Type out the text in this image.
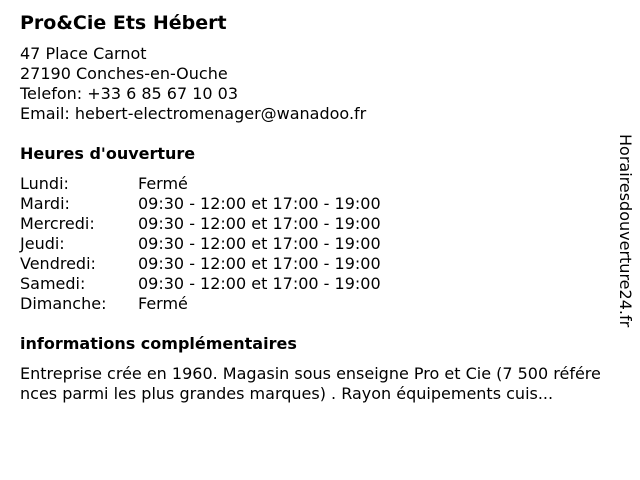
Pro&Cie Ets Hébert
47 Place Carnot
27190 Conches-en-Ouche
Telefon: +33 6 85 67 10 03
Email: hebert-electromenager@wanadoo.fr
Heures d'ouverture
Lundi:	Fermé
Mardi:	09:30 - 12:00 et 17:00 - 19:00
Mercredi:	09:30 - 12:00 et 17:00 - 19:00
Jeudi:	09:30 - 12:00 et 17:00 - 19:00
Vendredi:	09:30 - 12:00 et 17:00 - 19:00
Samedi:	09:30 - 12:00 et 17:00 - 19:00
Dimanche:	Fermé
informations complémentaires
Entreprise crée en 1960. Magasin sous enseigne Pro et Cie (7 500 références parmi les plus grandes marques) . Rayon équipements cuis...
Horairesdouverture24.fr
